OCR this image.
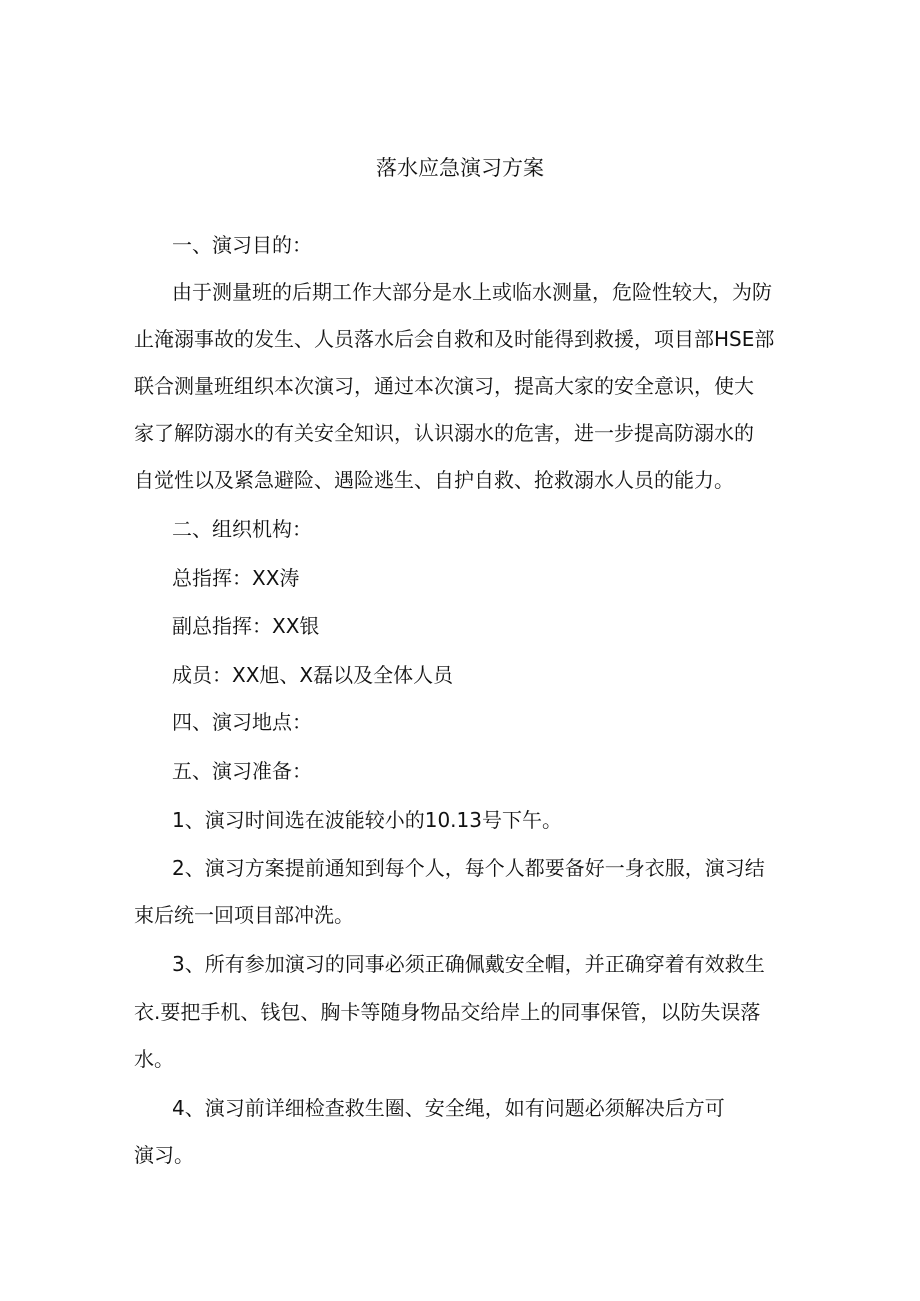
落水应急演习方案

一、演习目的：

由于测量班的后期工作大部分是水上或临水测量，危险性较大，为防

止淹溺事故的发生、人员落水后会自救和及时能得到救援，项目部HSE部

联合测量班组织本次演习，通过本次演习，提高大家的安全意识，使大

家了解防溺水的有关安全知识，认识溺水的危害，进一步提高防溺水的

自觉性以及紧急避险、遇险逃生、自护自救、抢救溺水人员的能力。

二、组织机构：

总指挥：XX涛

副总指挥：XX银

成员：XX旭、X磊以及全体人员

四、演习地点：

五、演习准备：

1、演习时间选在波能较小的10.13号下午。

2、演习方案提前通知到每个人，每个人都要备好一身衣服，演习结

束后统一回项目部冲洗。

3、所有参加演习的同事必须正确佩戴安全帽，并正确穿着有效救生

衣.要把手机、钱包、胸卡等随身物品交给岸上的同事保管，以防失误落

水。

4、演习前详细检查救生圈、安全绳，如有问题必须解决后方可

演习。
